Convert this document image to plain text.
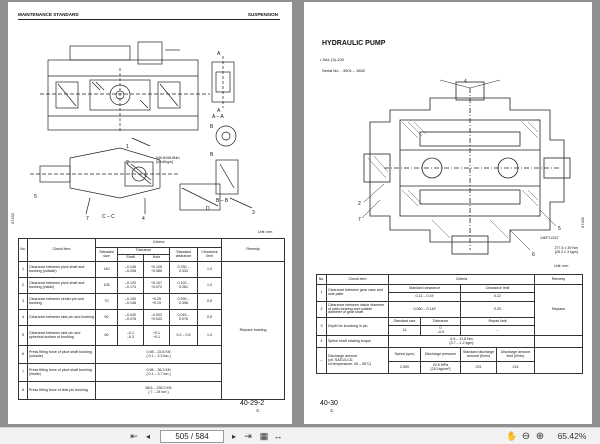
MAINTENANCE STANDARD	SUSPENSION
A
A
A – A
B
B
B – B
C – C
1
2
3
4
5
7
D
549.8±58.8Nm
{56±6kgm}
Unit: mm
07432
No.	Check item	Criteria					Remedy
		Standard size	Tolerance		Standard clearance	Clearance limit	
			Shaft	Hole			
1	Clearance between pivot shaft and bushing (outside)	140	–0.145
–0.208	+0.125
+0.085	0.230 –
0.333	1.0	Replace bushing
2	Clearance between pivot shaft and bushing (inside)	105	–0.120
–0.174	+0.107
+0.072	0.192 –
0.281	1.0	
3	Clearance between center pin and bushing	70	–0.100
–0.146	+0.25
+0.19	0.290 –
0.396	0.5	
4	Clearance between side pin and bushing	60	–0.040
–0.076	–0.002
+0.033	0.015 –
0.076	0.5	
5	Clearance between side pin and spherical surface of bushing	60	–0.1
–0.3	+0.1
+0.1	0.2 – 0.6	1.0	
6	Press fitting force of pivot shaft bushing (outside)	0.98 – 22.6 KN
{ 0.1 – 2.3 ton }					
7	Press fitting force of pivot shaft bushing (inside)	0.98 – 36.3 KN
{ 0.1 – 3.7 ton }					
8	Press fitting force of side pin bushing	68.6 – 235.2 KN
{ 7 – 24 ton }					
40-29-2
①
HYDRAULIC PUMP
• SAL (3)-100
Serial No. : 3001 – 3832
4
2
7
5
6
14EF12247
277.5 ± 39 Nm
{28.3 ± 3 kgm}
Unit: mm
07432
No.	Check item	Criteria				Remedy
1	Clearance between gear case and side plate	Standard clearance		Clearance limit		Replace
		0.12 – 0.19		0.22		
2	Clearance between inside diameter of plain bearing and outside diameter of gear shaft	0.060 – 0.149		0.20		
3	Depth for knocking in pin	Standard size	Tolerance	Repair limit		
		14	0
–0.5	–		
4	Spline shaft rotating torque	6.9 – 11.8 Nm
{0.7 – 1.2 kgm}				
–	Discharge amount
(oil: SAE10-CD,
oil temperature: 45 – 55°C)	Speed (rpm)	Discharge pressure	Standard discharge amount (ℓ/min)	Discharge amount limit (ℓ/min)	
		2,500	20.6 MPa
{210 kg/cm²}	231	214	
40-30
①
⇤	◂	505 / 584	▸ ⇥ ▦ ↔	✋ ⊖ ⊕	65.42%
